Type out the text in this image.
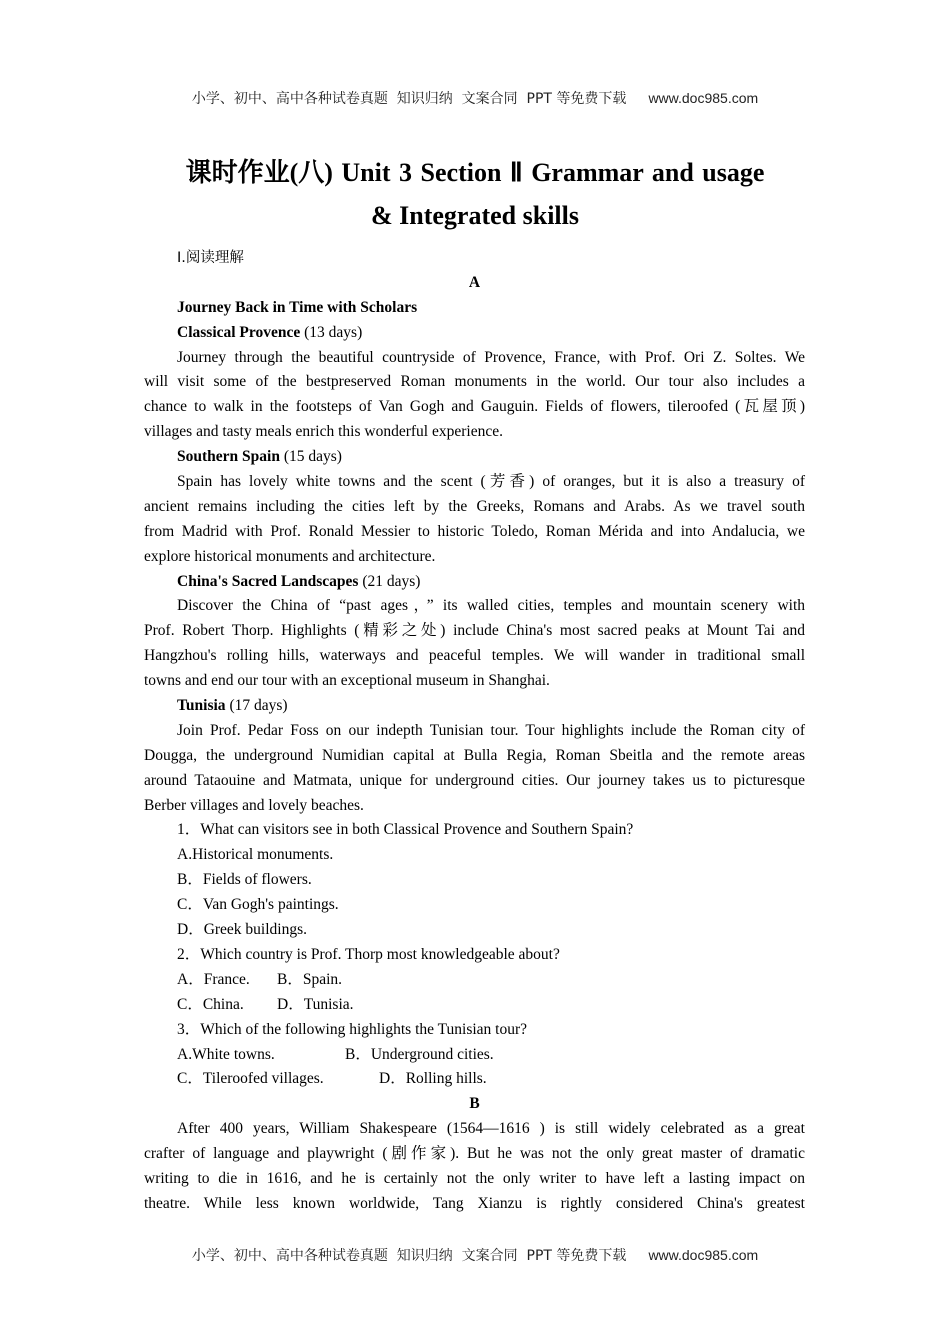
小学、初中、高中各种试卷真题  知识归纳  文案合同  PPT 等免费下载 www.doc985.com
课时作业(八) Unit 3 Section Ⅱ Grammar and usage
& Integrated skills
Ⅰ.阅读理解
A
Journey Back in Time with Scholars
Classical Provence (13 days)
Journey through the beautiful countryside of Provence, France, with Prof. Ori Z. Soltes. We
will visit some of the bestpreserved Roman monuments in the world. Our tour also includes a
chance to walk in the footsteps of Van Gogh and Gauguin. Fields of flowers, tileroofed (瓦屋顶)
villages and tasty meals enrich this wonderful experience.
Southern Spain (15 days)
Spain has lovely white towns and the scent (芳香) of oranges, but it is also a treasury of
ancient remains including the cities left by the Greeks, Romans and Arabs. As we travel south
from Madrid with Prof. Ronald Messier to historic Toledo, Roman Mérida and into Andalucia, we
explore historical monuments and architecture.
China's Sacred Landscapes (21 days)
Discover the China of “past ages，” its walled cities, temples and mountain scenery with
Prof. Robert Thorp. Highlights (精彩之处) include China's most sacred peaks at Mount Tai and
Hangzhou's rolling hills, waterways and peaceful temples. We will wander in traditional small
towns and end our tour with an exceptional museum in Shanghai.
Tunisia (17 days)
Join Prof. Pedar Foss on our indepth Tunisian tour. Tour highlights include the Roman city of
Dougga, the underground Numidian capital at Bulla Regia, Roman Sbeitla and the remote areas
around Tataouine and Matmata, unique for underground cities. Our journey takes us to picturesque
Berber villages and lovely beaches.
1．What can visitors see in both Classical Provence and Southern Spain?
A.Historical monuments.
B．Fields of flowers.
C．Van Gogh's paintings.
D．Greek buildings.
2．Which country is Prof. Thorp most knowledgeable about?
A．France. B．Spain.
C．China. D．Tunisia.
3．Which of the following highlights the Tunisian tour?
A.White towns.	B．Underground cities.
C．Tileroofed villages.	D．Rolling hills.
B
After 400 years, William Shakespeare (1564—1616 ) is still widely celebrated as a great
crafter of language and playwright (剧作家). But he was not the only great master of dramatic
writing to die in 1616, and he is certainly not the only writer to have left a lasting impact on
theatre. While less known worldwide, Tang Xianzu is rightly considered China's greatest
小学、初中、高中各种试卷真题  知识归纳  文案合同  PPT 等免费下载 www.doc985.com
